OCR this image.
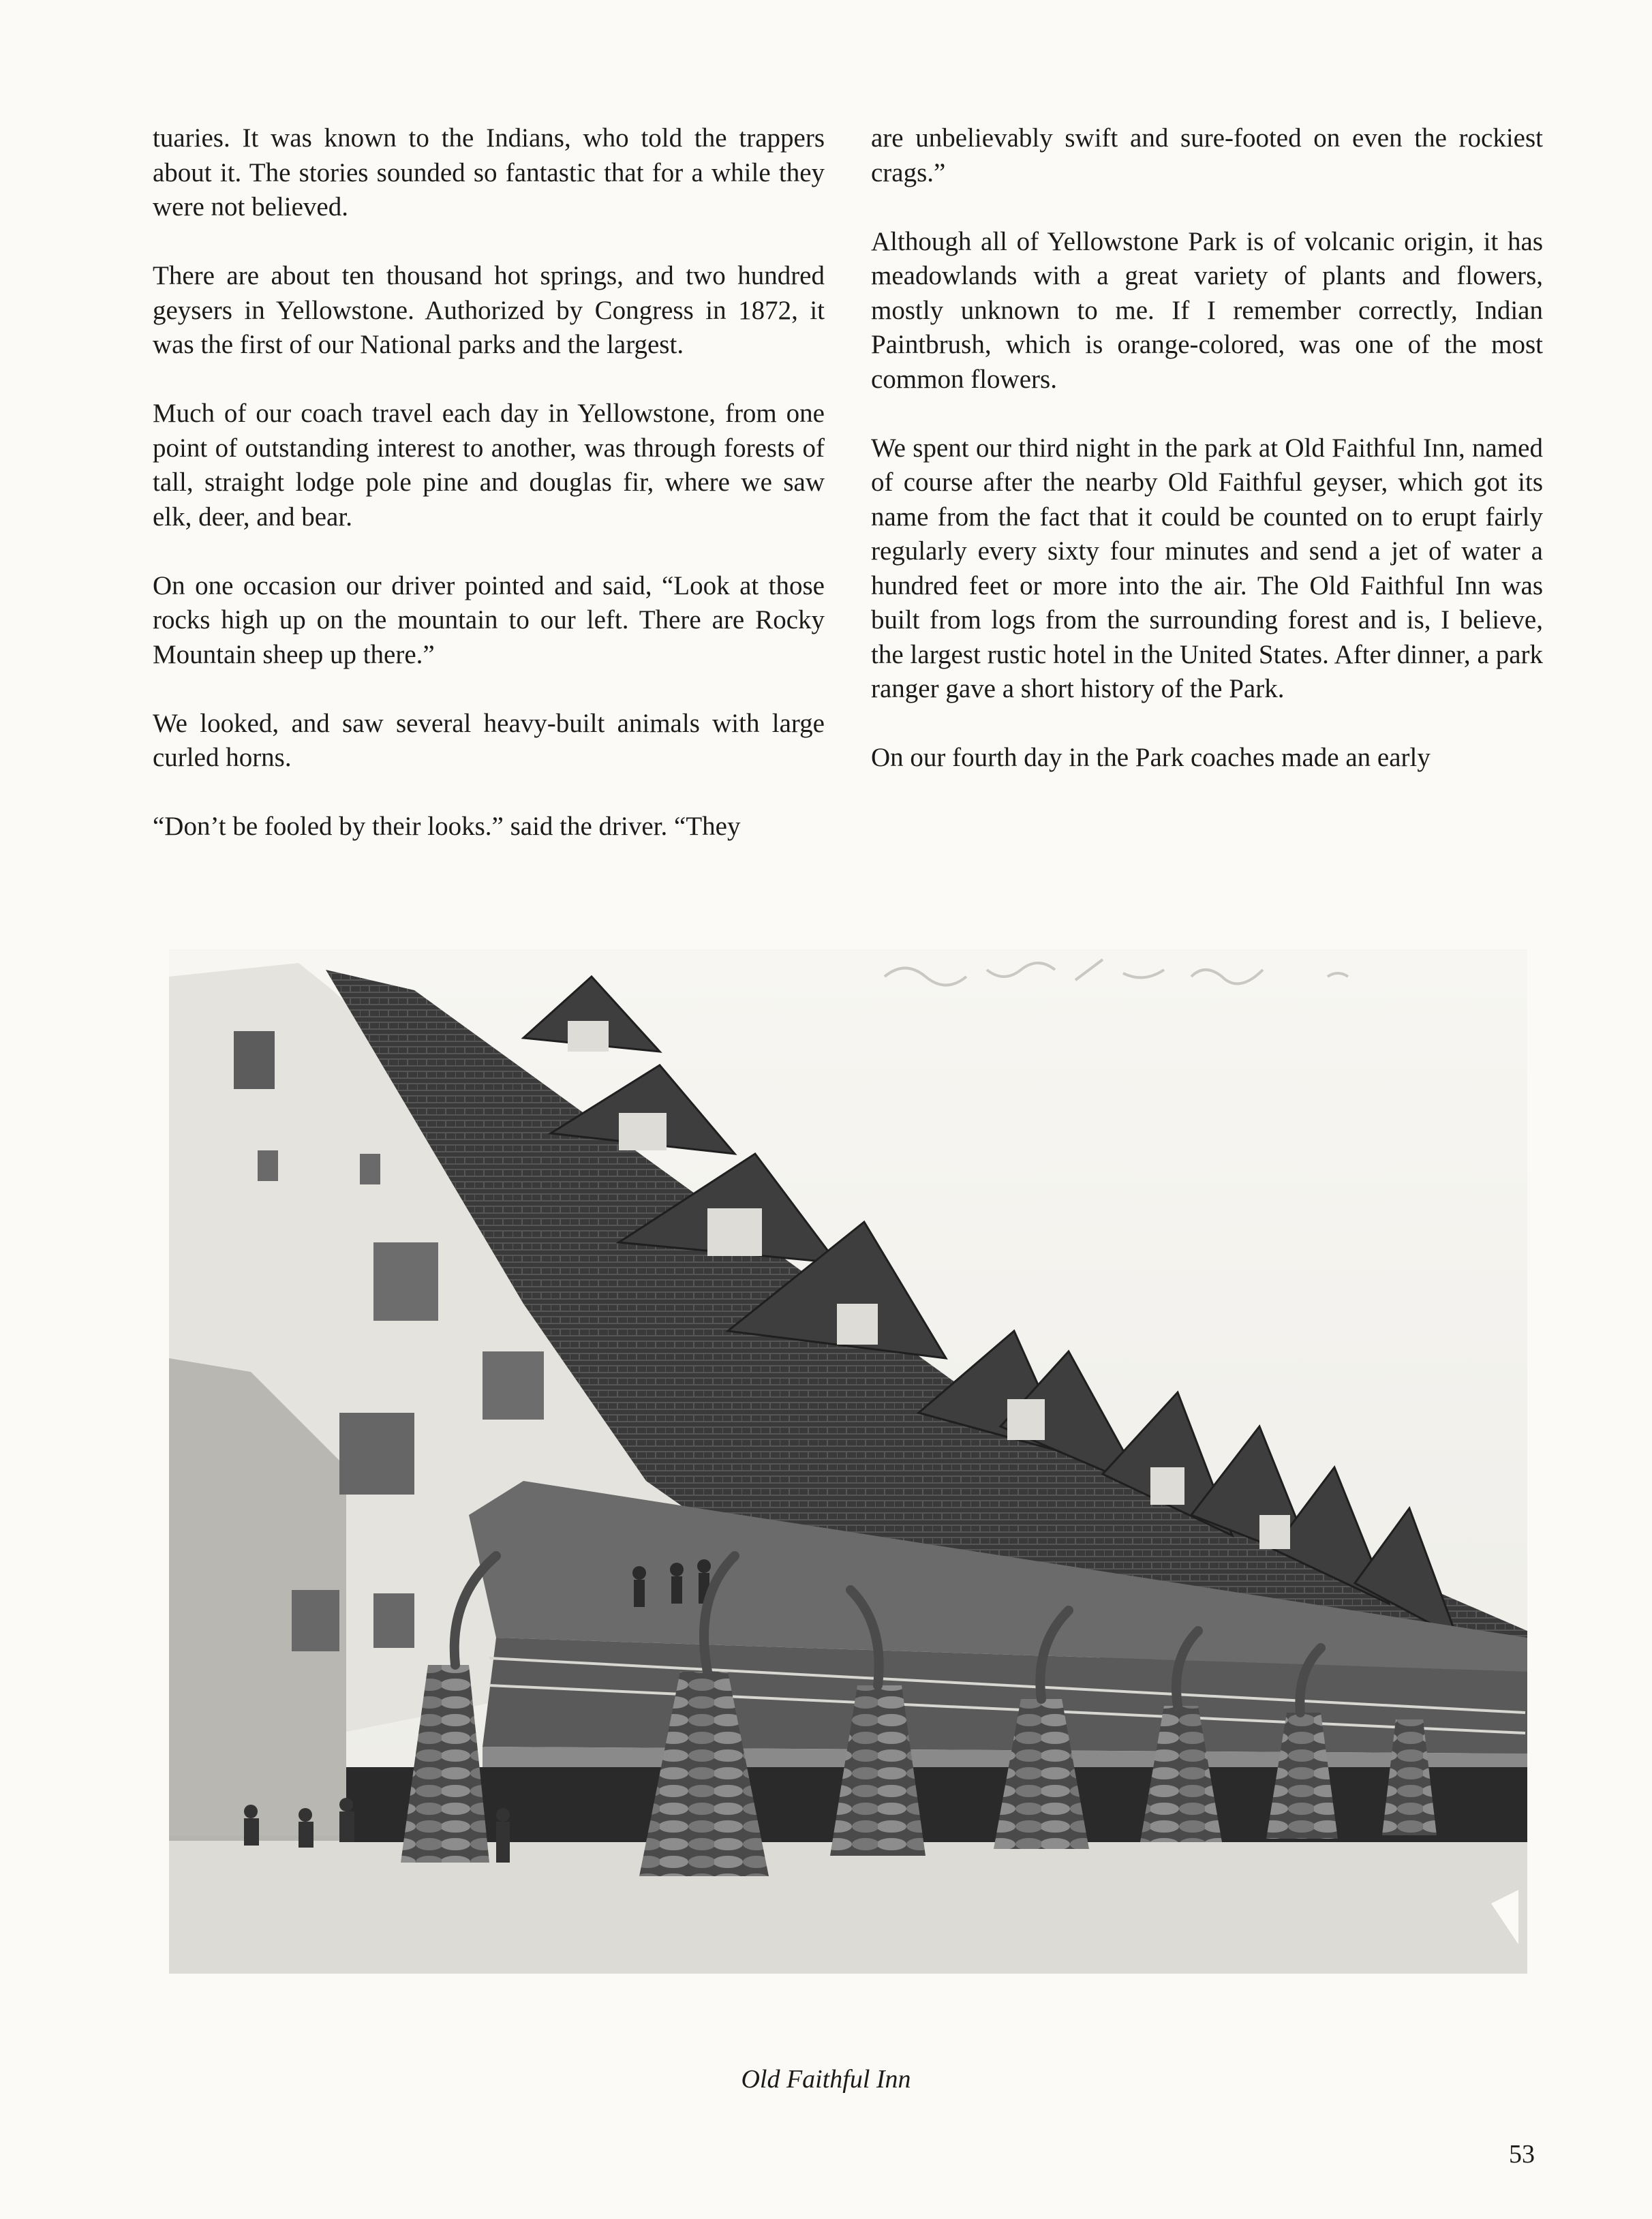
tuaries. It was known to the Indians, who told the trappers about it. The stories sounded so fantastic that for a while they were not believed.

There are about ten thousand hot springs, and two hundred geysers in Yellowstone. Authorized by Congress in 1872, it was the first of our National parks and the largest.

Much of our coach travel each day in Yellowstone, from one point of outstanding interest to another, was through forests of tall, straight lodge pole pine and douglas fir, where we saw elk, deer, and bear.

On one occasion our driver pointed and said, “Look at those rocks high up on the mountain to our left. There are Rocky Mountain sheep up there.”

We looked, and saw several heavy-built animals with large curled horns.

“Don’t be fooled by their looks.” said the driver. “They

are unbelievably swift and sure-footed on even the rockiest crags.”

Although all of Yellowstone Park is of volcanic origin, it has meadowlands with a great variety of plants and flowers, mostly unknown to me. If I remember correctly, Indian Paintbrush, which is orange-colored, was one of the most common flowers.

We spent our third night in the park at Old Faithful Inn, named of course after the nearby Old Faithful geyser, which got its name from the fact that it could be counted on to erupt fairly regularly every sixty four minutes and send a jet of water a hundred feet or more into the air. The Old Faithful Inn was built from logs from the surrounding forest and is, I believe, the largest rustic hotel in the United States. After dinner, a park ranger gave a short history of the Park.

On our fourth day in the Park coaches made an early

Old Faithful Inn
53
